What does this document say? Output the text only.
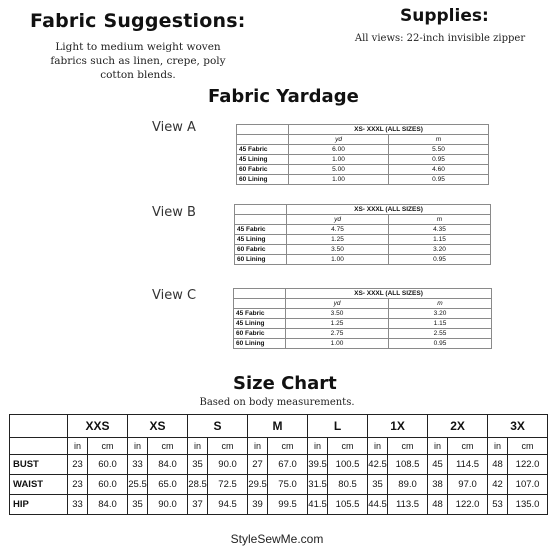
Fabric Suggestions:
Light to medium weight woven fabrics such as linen, crepe, poly cotton blends.
Supplies:
All views: 22-inch invisible zipper
Fabric Yardage
View A
		XS- XXXL (ALL SIZES)	
	yd	m
45 Fabric	6.00	5.50
45 Lining	1.00	0.95
60 Fabric	5.00	4.60
60 Lining	1.00	0.95
View B
		XS- XXXL (ALL SIZES)	
	yd	m
45 Fabric	4.75	4.35
45 Lining	1.25	1.15
60 Fabric	3.50	3.20
60 Lining	1.00	0.95
View C
		XS- XXXL (ALL SIZES)	
	yd	m
45 Fabric	3.50	3.20
45 Lining	1.25	1.15
60 Fabric	2.75	2.55
60 Lining	1.00	0.95
Size Chart
Based on body measurements.
	XXS		XS		S		M		L		1X		2X		3X	
	in	cm	in	cm	in	cm	in	cm	in	cm	in	cm	in	cm	in	cm
BUST	23	60.0	33	84.0	35	90.0	27	67.0	39.5	100.5	42.5	108.5	45	114.5	48	122.0
WAIST	23	60.0	25.5	65.0	28.5	72.5	29.5	75.0	31.5	80.5	35	89.0	38	97.0	42	107.0
HIP	33	84.0	35	90.0	37	94.5	39	99.5	41.5	105.5	44.5	113.5	48	122.0	53	135.0
StyleSewMe.com
